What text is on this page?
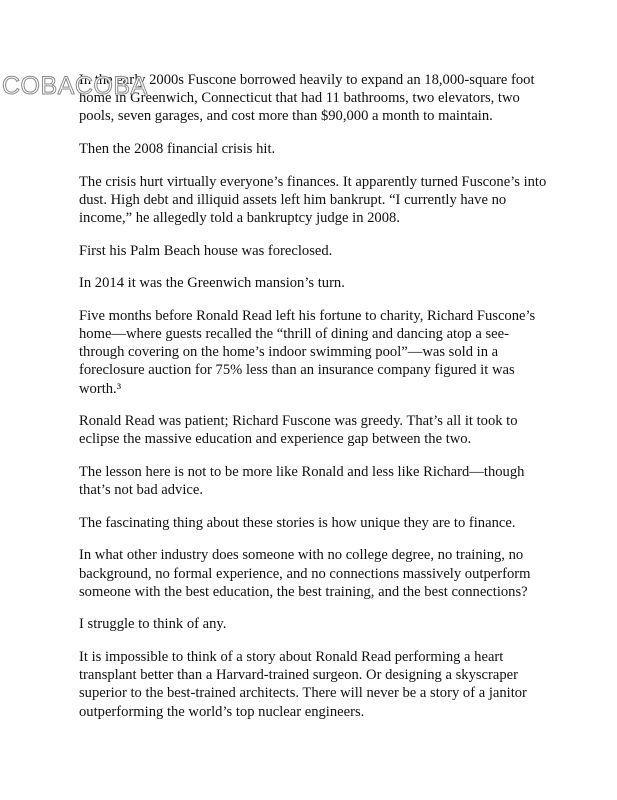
COBACOBA

In the early 2000s Fuscone borrowed heavily to expand an 18,000-square foot home in Greenwich, Connecticut that had 11 bathrooms, two elevators, two pools, seven garages, and cost more than $90,000 a month to maintain.

Then the 2008 financial crisis hit.

The crisis hurt virtually everyone’s finances. It apparently turned Fuscone’s into dust. High debt and illiquid assets left him bankrupt. “I currently have no income,” he allegedly told a bankruptcy judge in 2008.

First his Palm Beach house was foreclosed.

In 2014 it was the Greenwich mansion’s turn.

Five months before Ronald Read left his fortune to charity, Richard Fuscone’s home—where guests recalled the “thrill of dining and dancing atop a see-through covering on the home’s indoor swimming pool”—was sold in a foreclosure auction for 75% less than an insurance company figured it was worth.³

Ronald Read was patient; Richard Fuscone was greedy. That’s all it took to eclipse the massive education and experience gap between the two.

The lesson here is not to be more like Ronald and less like Richard—though that’s not bad advice.

The fascinating thing about these stories is how unique they are to finance.

In what other industry does someone with no college degree, no training, no background, no formal experience, and no connections massively outperform someone with the best education, the best training, and the best connections?

I struggle to think of any.

It is impossible to think of a story about Ronald Read performing a heart transplant better than a Harvard-trained surgeon. Or designing a skyscraper superior to the best-trained architects. There will never be a story of a janitor outperforming the world’s top nuclear engineers.
